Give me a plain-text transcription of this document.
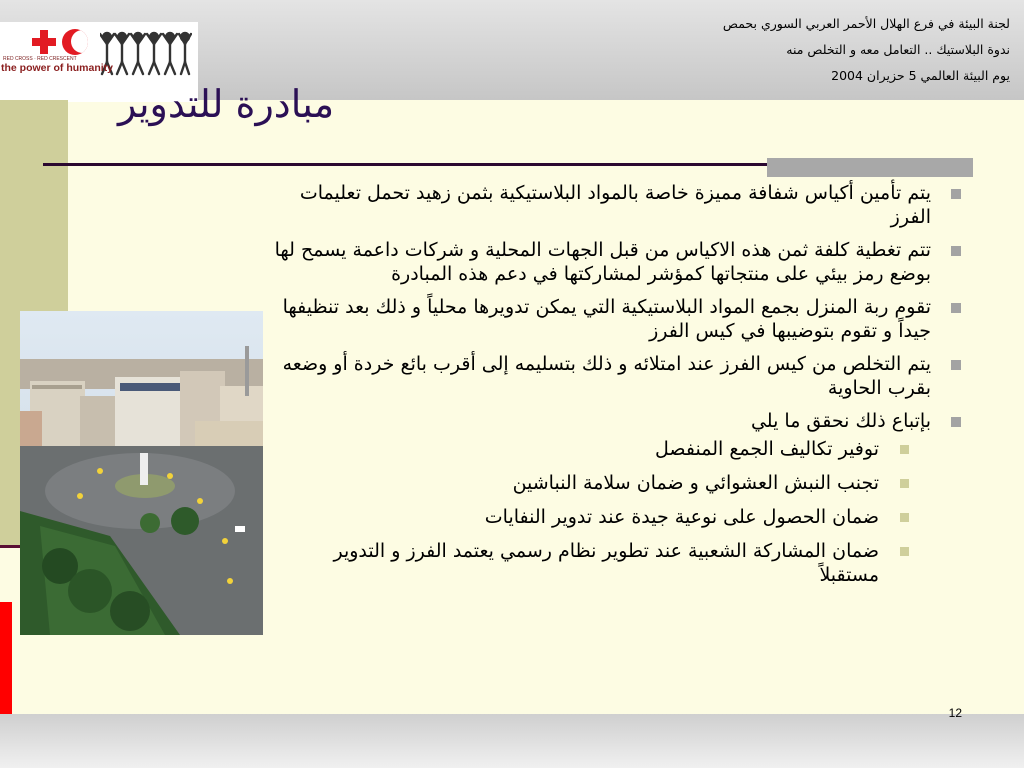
RED CROSS · RED CRESCENT
the power of humanity
لجنة البيئة في فرع الهلال الأحمر العربي السوري بحمص
ندوة البلاستيك .. التعامل معه و التخلص منه
يوم البيئة العالمي 5 حزيران 2004
مبادرة للتدوير
يتم تأمين أكياس شفافة مميزة خاصة بالمواد البلاستيكية بثمن زهيد تحمل تعليمات الفرز
تتم تغطية كلفة ثمن هذه الاكياس من قبل الجهات المحلية و شركات داعمة يسمح لها بوضع رمز بيئي على منتجاتها كمؤشر لمشاركتها في دعم هذه المبادرة
تقوم ربة المنزل بجمع المواد البلاستيكية التي يمكن تدويرها محلياً و ذلك بعد تنظيفها جيداً و تقوم بتوضيبها في كيس الفرز
يتم التخلص من كيس الفرز عند امتلائه و ذلك بتسليمه إلى أقرب بائع خردة أو وضعه بقرب الحاوية
بإتباع ذلك نحقق ما يلي
توفير تكاليف الجمع المنفصل
تجنب النبش العشوائي و ضمان سلامة النباشين
ضمان الحصول على نوعية جيدة عند تدوير النفايات
ضمان المشاركة الشعبية عند تطوير نظام رسمي يعتمد الفرز و التدوير مستقبلاً
12
